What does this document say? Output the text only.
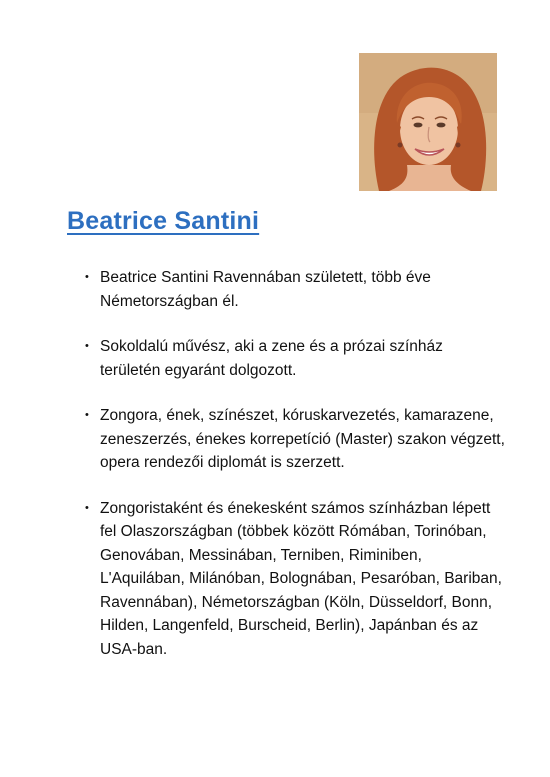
Beatrice Santini
• Beatrice Santini Ravennában született, több éve Németországban él.
• Sokoldalú művész, aki a zene és a prózai színház területén egyaránt dolgozott.
• Zongora, ének, színészet, kóruskarvezetés, kamarazene, zeneszerzés, énekes korrepetíció (Master) szakon végzett, opera rendezői diplomát is szerzett.
• Zongoristaként és énekesként számos színházban lépett fel Olaszországban (többek között Rómában, Torinóban, Genovában, Messinában, Terniben, Riminiben, L'Aquilában, Milánóban, Bolognában, Pesaróban, Bariban, Ravennában), Németországban (Köln, Düsseldorf, Bonn, Hilden, Langenfeld, Burscheid, Berlin), Japánban és az USA-ban.
